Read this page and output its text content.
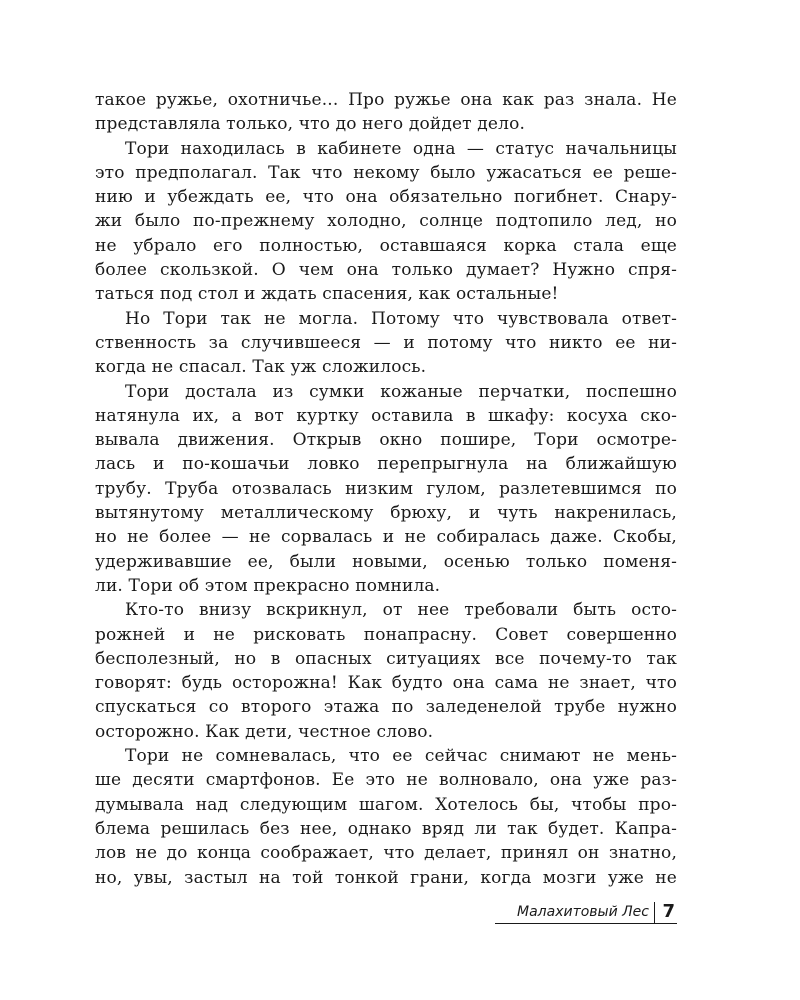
такое ружье, охотничье... Про ружье она как раз знала. Не
представляла только, что до него дойдет дело.
Тори находилась в кабинете одна — статус начальницы
это предполагал. Так что некому было ужасаться ее реше-
нию и убеждать ее, что она обязательно погибнет. Снару-
жи было по-прежнему холодно, солнце подтопило лед, но
не убрало его полностью, оставшаяся корка стала еще
более скользкой. О чем она только думает? Нужно спря-
таться под стол и ждать спасения, как остальные!
Но Тори так не могла. Потому что чувствовала ответ-
ственность за случившееся — и потому что никто ее ни-
когда не спасал. Так уж сложилось.
Тори достала из сумки кожаные перчатки, поспешно
натянула их, а вот куртку оставила в шкафу: косуха ско-
вывала движения. Открыв окно пошире, Тори осмотре-
лась и по-кошачьи ловко перепрыгнула на ближайшую
трубу. Труба отозвалась низким гулом, разлетевшимся по
вытянутому металлическому брюху, и чуть накренилась,
но не более — не сорвалась и не собиралась даже. Скобы,
удерживавшие ее, были новыми, осенью только поменя-
ли. Тори об этом прекрасно помнила.
Кто-то внизу вскрикнул, от нее требовали быть осто-
рожней и не рисковать понапрасну. Совет совершенно
бесполезный, но в опасных ситуациях все почему-то так
говорят: будь осторожна! Как будто она сама не знает, что
спускаться со второго этажа по заледенелой трубе нужно
осторожно. Как дети, честное слово.
Тори не сомневалась, что ее сейчас снимают не мень-
ше десяти смартфонов. Ее это не волновало, она уже раз-
думывала над следующим шагом. Хотелось бы, чтобы про-
блема решилась без нее, однако вряд ли так будет. Капра-
лов не до конца соображает, что делает, принял он знатно,
но, увы, застыл на той тонкой грани, когда мозги уже не
Малахитовый Лес 7
